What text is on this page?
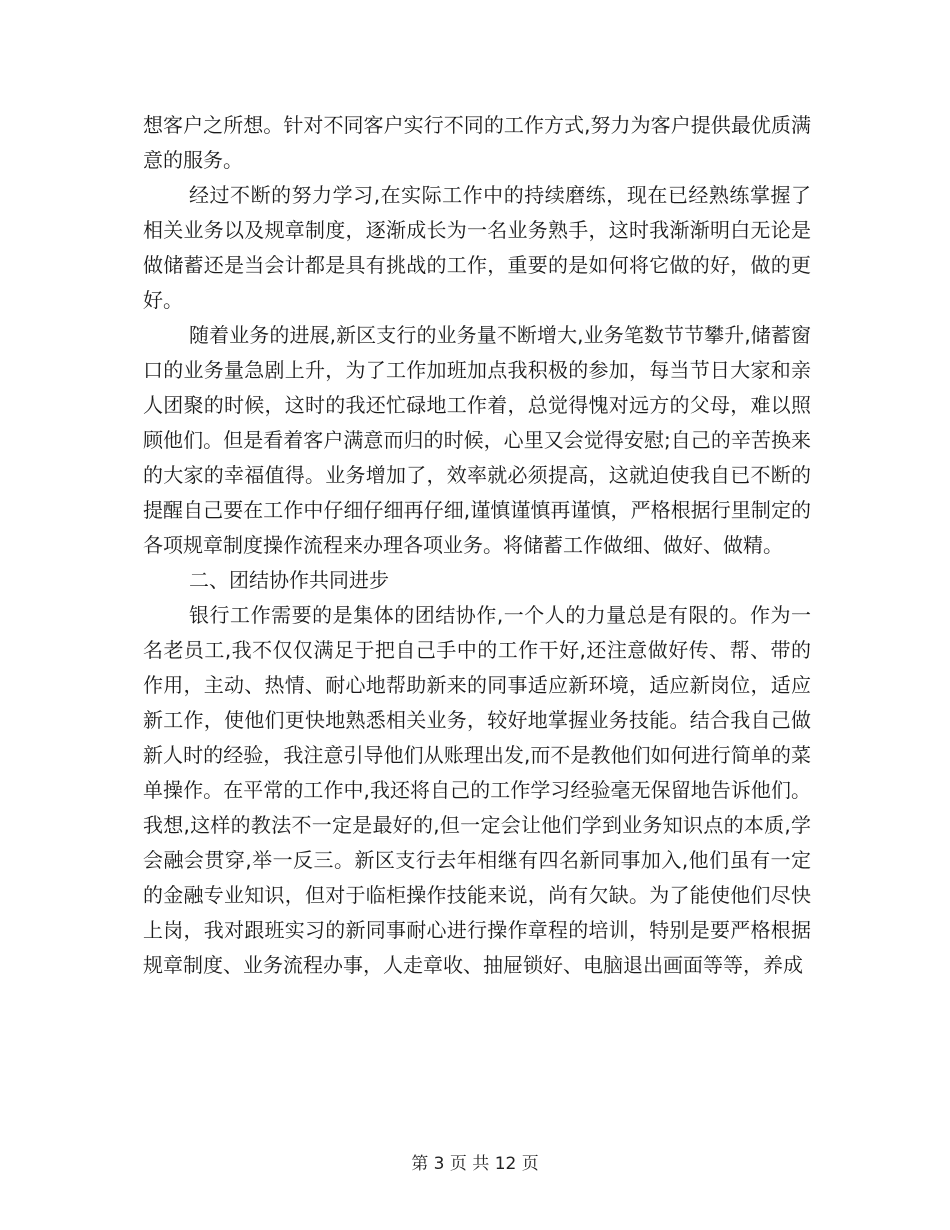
想客户之所想。针对不同客户实行不同的工作方式,努力为客户提供最优质满意的服务。

经过不断的努力学习,在实际工作中的持续磨练，现在已经熟练掌握了相关业务以及规章制度，逐渐成长为一名业务熟手，这时我渐渐明白无论是做储蓄还是当会计都是具有挑战的工作，重要的是如何将它做的好，做的更好。

随着业务的进展,新区支行的业务量不断增大,业务笔数节节攀升,储蓄窗口的业务量急剧上升，为了工作加班加点我积极的参加，每当节日大家和亲人团聚的时候，这时的我还忙碌地工作着，总觉得愧对远方的父母，难以照顾他们。但是看着客户满意而归的时候，心里又会觉得安慰;自己的辛苦换来的大家的幸福值得。业务增加了，效率就必须提高，这就迫使我自已不断的提醒自己要在工作中仔细仔细再仔细,谨慎谨慎再谨慎，严格根据行里制定的各项规章制度操作流程来办理各项业务。将储蓄工作做细、做好、做精。

二、团结协作共同进步

银行工作需要的是集体的团结协作,一个人的力量总是有限的。作为一名老员工,我不仅仅满足于把自己手中的工作干好,还注意做好传、帮、带的作用，主动、热情、耐心地帮助新来的同事适应新环境，适应新岗位，适应新工作，使他们更快地熟悉相关业务，较好地掌握业务技能。结合我自己做新人时的经验，我注意引导他们从账理出发,而不是教他们如何进行简单的菜单操作。在平常的工作中,我还将自己的工作学习经验毫无保留地告诉他们。我想,这样的教法不一定是最好的,但一定会让他们学到业务知识点的本质,学会融会贯穿,举一反三。新区支行去年相继有四名新同事加入,他们虽有一定的金融专业知识，但对于临柜操作技能来说，尚有欠缺。为了能使他们尽快上岗，我对跟班实习的新同事耐心进行操作章程的培训，特别是要严格根据规章制度、业务流程办事，人走章收、抽屉锁好、电脑退出画面等等，养成

第 3 页 共 12 页
